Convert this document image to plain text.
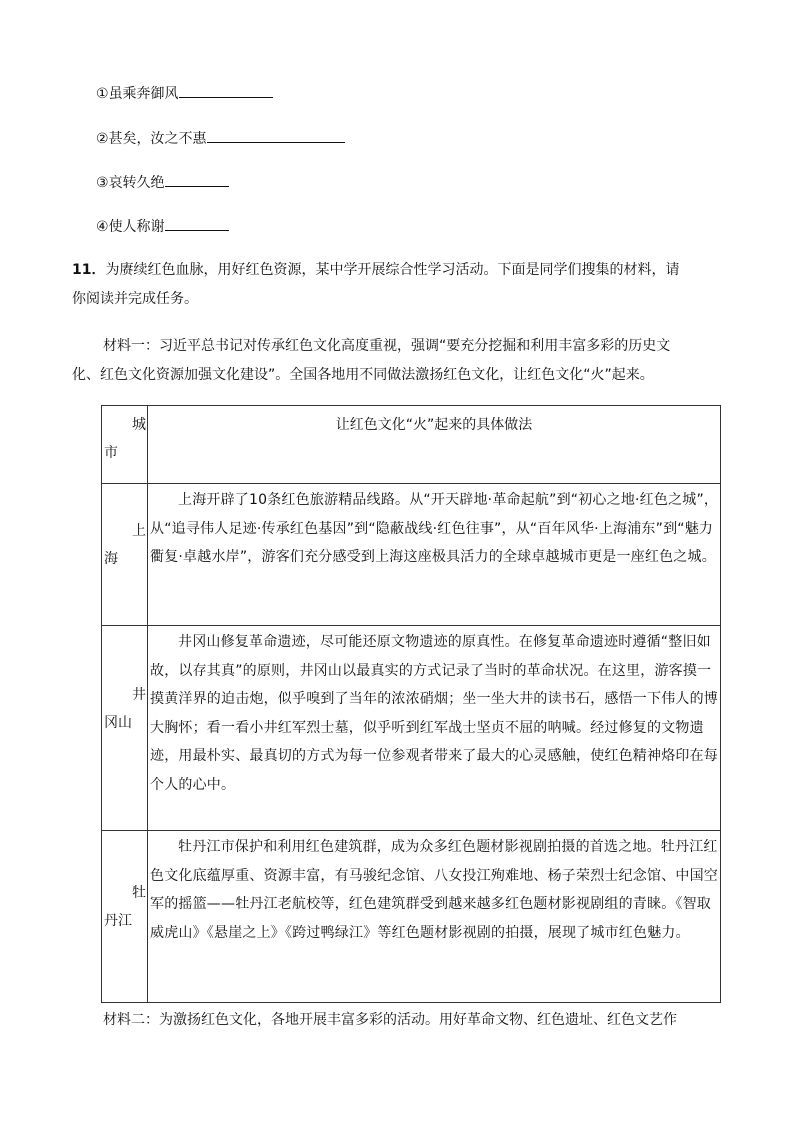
①虽乘奔御风
②甚矣，汝之不惠
③哀转久绝
④使人称谢
11．为赓续红色血脉，用好红色资源，某中学开展综合性学习活动。下面是同学们搜集的材料，请
你阅读并完成任务。
材料一：习近平总书记对传承红色文化高度重视，强调“要充分挖掘和利用丰富多彩的历史文
化、红色文化资源加强文化建设”。全国各地用不同做法激扬红色文化，让红色文化“火”起来。
城
市	让红色文化“火”起来的具体做法

上
海	上海开辟了10条红色旅游精品线路。从“开天辟地·革命起航”到“初心之地·红色之城”，从“追寻伟人足迹·传承红色基因”到“隐蔽战线·红色往事”，从“百年风华·上海浦东”到“魅力衢复·卓越水岸”，游客们充分感受到上海这座极具活力的全球卓越城市更是一座红色之城。

井
冈山	井冈山修复革命遗迹，尽可能还原文物遗迹的原真性。在修复革命遗迹时遵循“整旧如故，以存其真”的原则，井冈山以最真实的方式记录了当时的革命状况。在这里，游客摸一摸黄洋界的迫击炮，似乎嗅到了当年的浓浓硝烟；坐一坐大井的读书石，感悟一下伟人的博大胸怀；看一看小井红军烈士墓，似乎听到红军战士坚贞不屈的呐喊。经过修复的文物遗迹，用最朴实、最真切的方式为每一位参观者带来了最大的心灵感触，使红色精神烙印在每个人的心中。

牡
丹江	牡丹江市保护和利用红色建筑群，成为众多红色题材影视剧拍摄的首选之地。牡丹江红色文化底蕴厚重、资源丰富，有马骏纪念馆、八女投江殉难地、杨子荣烈士纪念馆、中国空军的摇篮——牡丹江老航校等，红色建筑群受到越来越多红色题材影视剧组的青睐。《智取威虎山》《悬崖之上》《跨过鸭绿江》等红色题材影视剧的拍摄，展现了城市红色魅力。

材料二：为激扬红色文化，各地开展丰富多彩的活动。用好革命文物、红色遗址、红色文艺作
